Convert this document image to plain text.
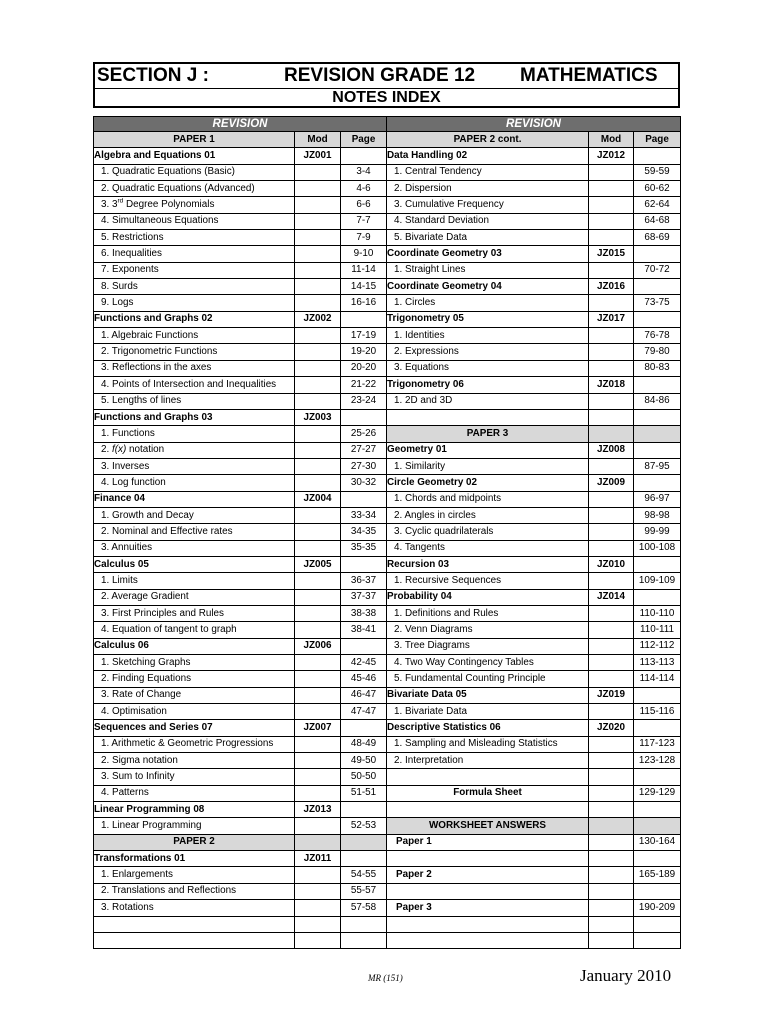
SECTION J :	REVISION GRADE 12 MATHEMATICS
NOTES INDEX
REVISION			REVISION		
PAPER 1	Mod	Page	PAPER 2 cont.	Mod	Page
Algebra and Equations 01	JZ001		Data Handling 02	JZ012	
1. Quadratic Equations (Basic)		3-4	1. Central Tendency		59-59
2. Quadratic Equations (Advanced)		4-6	2. Dispersion		60-62
3. 3rd Degree Polynomials		6-6	3. Cumulative Frequency		62-64
4. Simultaneous Equations		7-7	4. Standard Deviation		64-68
5. Restrictions		7-9	5. Bivariate Data		68-69
6. Inequalities		9-10	Coordinate Geometry 03	JZ015	
7. Exponents		11-14	1. Straight Lines		70-72
8. Surds		14-15	Coordinate Geometry 04	JZ016	
9. Logs		16-16	1. Circles		73-75
Functions and Graphs 02	JZ002		Trigonometry 05	JZ017	
1. Algebraic Functions		17-19	1. Identities		76-78
2. Trigonometric Functions		19-20	2. Expressions		79-80
3. Reflections in the axes		20-20	3. Equations		80-83
4. Points of Intersection and Inequalities		21-22	Trigonometry 06	JZ018	
5. Lengths of lines		23-24	1. 2D and 3D		84-86
Functions and Graphs 03	JZ003				
1. Functions		25-26	PAPER 3		
2. f(x) notation		27-27	Geometry 01	JZ008	
3. Inverses		27-30	1. Similarity		87-95
4. Log function		30-32	Circle Geometry 02	JZ009	
Finance 04	JZ004		1. Chords and midpoints		96-97
1. Growth and Decay		33-34	2. Angles in circles		98-98
2. Nominal and Effective rates		34-35	3. Cyclic quadrilaterals		99-99
3. Annuities		35-35	4. Tangents		100-108
Calculus 05	JZ005		Recursion 03	JZ010	
1. Limits		36-37	1. Recursive Sequences		109-109
2. Average Gradient		37-37	Probability 04	JZ014	
3. First Principles and Rules		38-38	1. Definitions and Rules		110-110
4. Equation of tangent to graph		38-41	2. Venn Diagrams		110-111
Calculus 06	JZ006		3. Tree Diagrams		112-112
1. Sketching Graphs		42-45	4. Two Way Contingency Tables		113-113
2. Finding Equations		45-46	5. Fundamental Counting Principle		114-114
3. Rate of Change		46-47	Bivariate Data 05	JZ019	
4. Optimisation		47-47	1. Bivariate Data		115-116
Sequences and Series 07	JZ007		Descriptive Statistics 06	JZ020	
1. Arithmetic & Geometric Progressions		48-49	1. Sampling and Misleading Statistics		117-123
2. Sigma notation		49-50	2. Interpretation		123-128
3. Sum to Infinity		50-50			
4. Patterns		51-51	Formula Sheet		129-129
Linear Programming 08	JZ013				
1. Linear Programming		52-53	WORKSHEET ANSWERS		
PAPER 2			Paper 1		130-164
Transformations 01	JZ011				
1. Enlargements		54-55	Paper 2		165-189
2. Translations and Reflections		55-57			
3. Rotations		57-58	Paper 3		190-209

MR (151)	January 2010
